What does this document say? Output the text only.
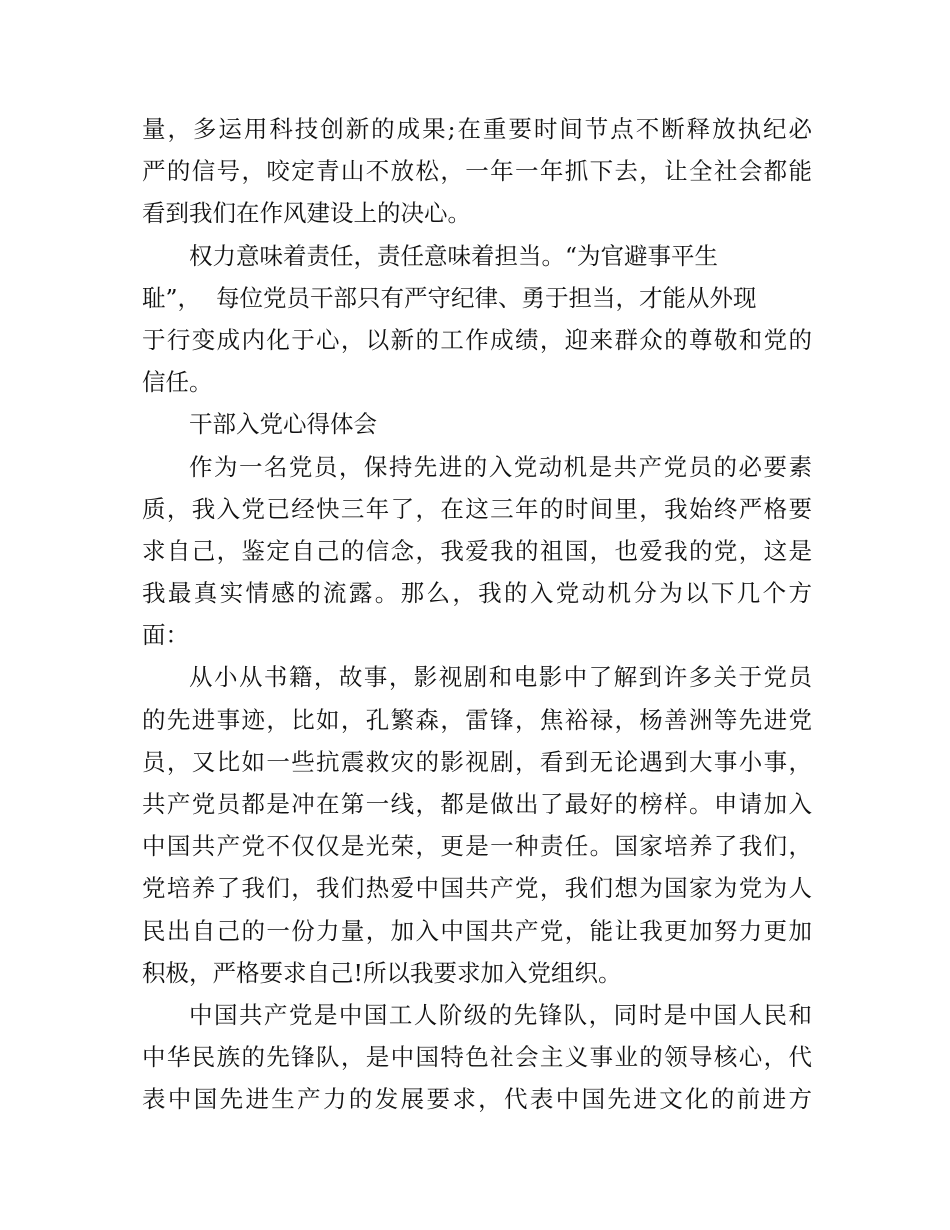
量，多运用科技创新的成果;在重要时间节点不断释放执纪必
严的信号，咬定青山不放松，一年一年抓下去，让全社会都能
看到我们在作风建设上的决心。
权力意味着责任，责任意味着担当。“为官避事平生
耻”，  每位党员干部只有严守纪律、勇于担当，才能从外现
于行变成内化于心，以新的工作成绩，迎来群众的尊敬和党的
信任。
干部入党心得体会
作为一名党员，保持先进的入党动机是共产党员的必要素
质，我入党已经快三年了，在这三年的时间里，我始终严格要
求自己，鉴定自己的信念，我爱我的祖国，也爱我的党，这是
我最真实情感的流露。那么，我的入党动机分为以下几个方
面：
从小从书籍，故事，影视剧和电影中了解到许多关于党员
的先进事迹，比如，孔繁森，雷锋，焦裕禄，杨善洲等先进党
员，又比如一些抗震救灾的影视剧，看到无论遇到大事小事，
共产党员都是冲在第一线，都是做出了最好的榜样。申请加入
中国共产党不仅仅是光荣，更是一种责任。国家培养了我们，
党培养了我们，我们热爱中国共产党，我们想为国家为党为人
民出自己的一份力量，加入中国共产党，能让我更加努力更加
积极，严格要求自己!所以我要求加入党组织。
中国共产党是中国工人阶级的先锋队，同时是中国人民和
中华民族的先锋队，是中国特色社会主义事业的领导核心，代
表中国先进生产力的发展要求，代表中国先进文化的前进方
